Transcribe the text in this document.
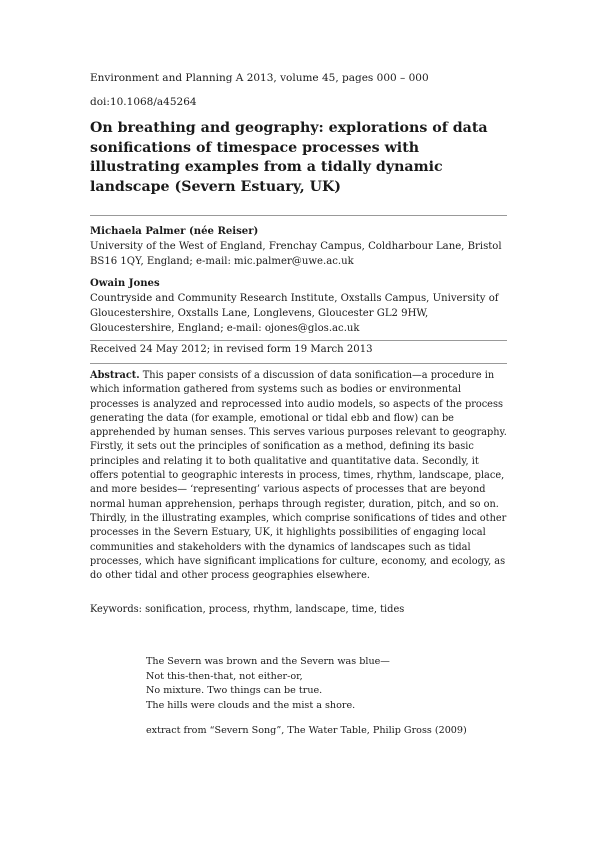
Environment and Planning A 2013, volume 45, pages 000 – 000
doi:10.1068/a45264
On breathing and geography: explorations of data sonifications of timespace processes with illustrating examples from a tidally dynamic landscape (Severn Estuary, UK)
Michaela Palmer (née Reiser)
University of the West of England, Frenchay Campus, Coldharbour Lane, Bristol BS16 1QY, England; e-mail: mic.palmer@uwe.ac.uk
Owain Jones
Countryside and Community Research Institute, Oxstalls Campus, University of Gloucestershire, Oxstalls Lane, Longlevens, Gloucester GL2 9HW, Gloucestershire, England; e-mail: ojones@glos.ac.uk
Received 24 May 2012; in revised form 19 March 2013

Abstract. This paper consists of a discussion of data sonification—a procedure in which information gathered from systems such as bodies or environmental processes is analyzed and reprocessed into audio models, so aspects of the process generating the data (for example, emotional or tidal ebb and flow) can be apprehended by human senses. This serves various purposes relevant to geography. Firstly, it sets out the principles of sonification as a method, defining its basic principles and relating it to both qualitative and quantitative data. Secondly, it offers potential to geographic interests in process, times, rhythm, landscape, place, and more besides— ‘representing’ various aspects of processes that are beyond normal human apprehension, perhaps through register, duration, pitch, and so on. Thirdly, in the illustrating examples, which comprise sonifications of tides and other processes in the Severn Estuary, UK, it highlights possibilities of engaging local communities and stakeholders with the dynamics of landscapes such as tidal processes, which have significant implications for culture, economy, and ecology, as do other tidal and other process geographies elsewhere.

Keywords: sonification, process, rhythm, landscape, time, tides
The Severn was brown and the Severn was blue—
Not this-then-that, not either-or,
No mixture. Two things can be true.
The hills were clouds and the mist a shore.
extract from “Severn Song”, The Water Table, Philip Gross (2009)
